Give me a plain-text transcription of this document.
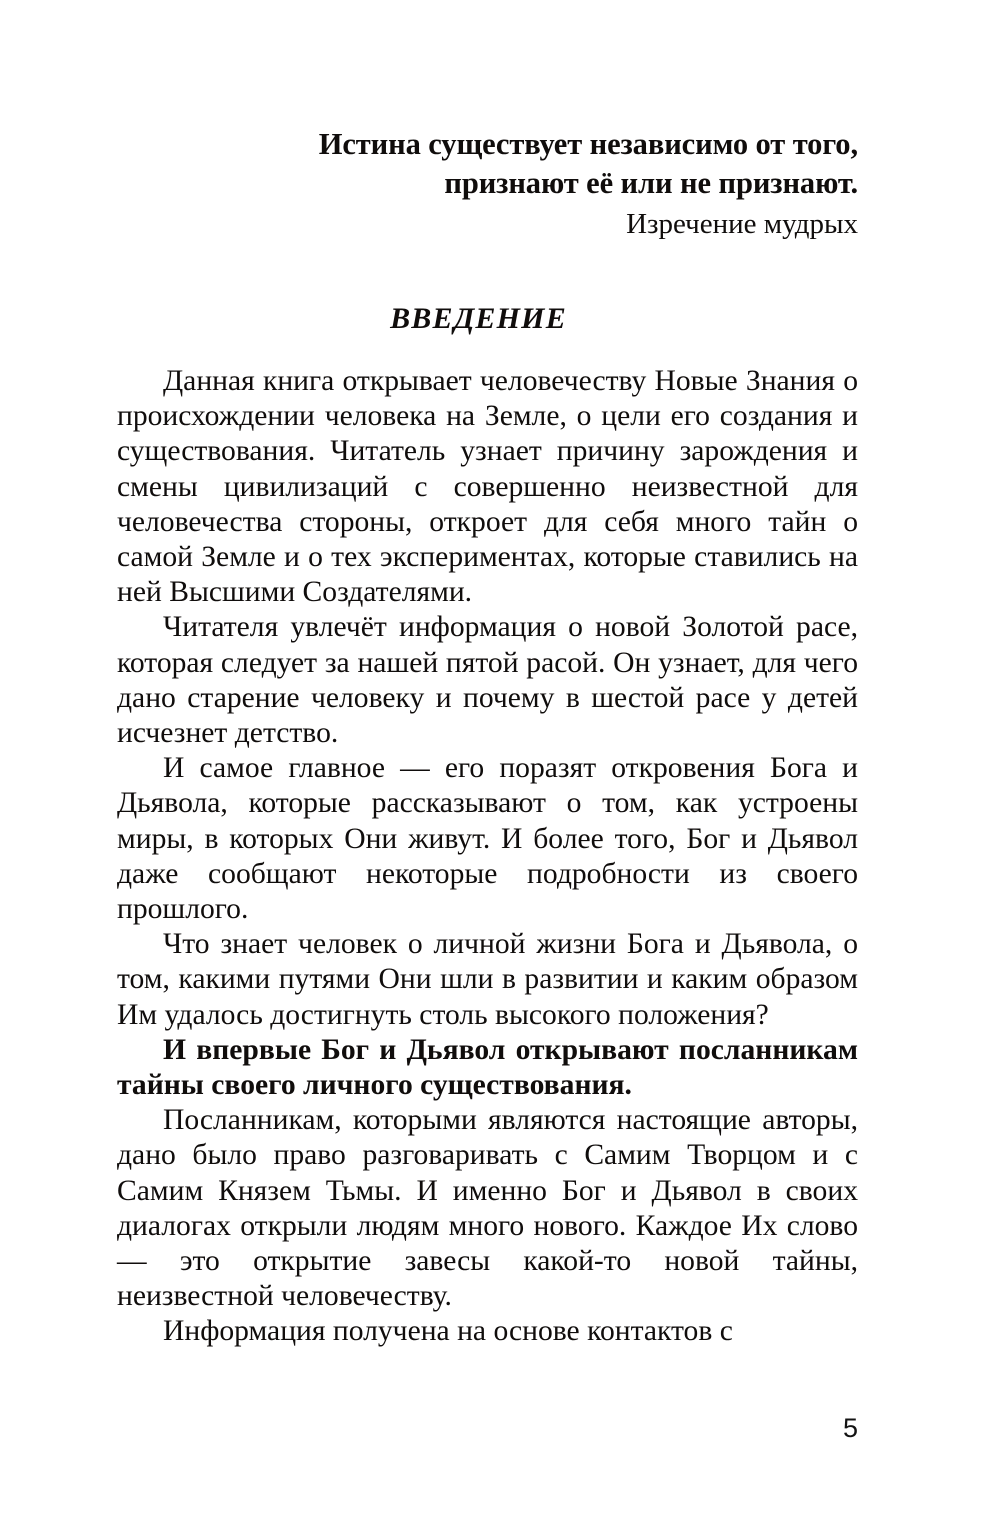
Истина существует независимо от того,
признают её или не признают.
Изречение мудрых
ВВЕДЕНИЕ

Данная книга открывает человечеству Новые Знания о происхождении человека на Земле, о цели его создания и существования. Читатель узнает причину зарождения и смены цивилизаций с совершенно неизвестной для человечества стороны, откроет для себя много тайн о самой Земле и о тех экспериментах, которые ставились на ней Высшими Создателями.

Читателя увлечёт информация о новой Золотой расе, которая следует за нашей пятой расой. Он узнает, для чего дано старение человеку и почему в шестой расе у детей исчезнет детство.

И самое главное — его поразят откровения Бога и Дьявола, которые рассказывают о том, как устроены миры, в которых Они живут. И более того, Бог и Дьявол даже сообщают некоторые подробности из своего прошлого.

Что знает человек о личной жизни Бога и Дьявола, о том, какими путями Они шли в развитии и каким образом Им удалось достигнуть столь высокого положения?

И впервые Бог и Дьявол открывают посланникам тайны своего личного существования.

Посланникам, которыми являются настоящие авторы, дано было право разговаривать с Самим Творцом и с Самим Князем Тьмы. И именно Бог и Дьявол в своих диалогах открыли людям много нового. Каждое Их слово — это открытие завесы какой-то новой тайны, неизвестной человечеству.

Информация получена на основе контактов с

5
